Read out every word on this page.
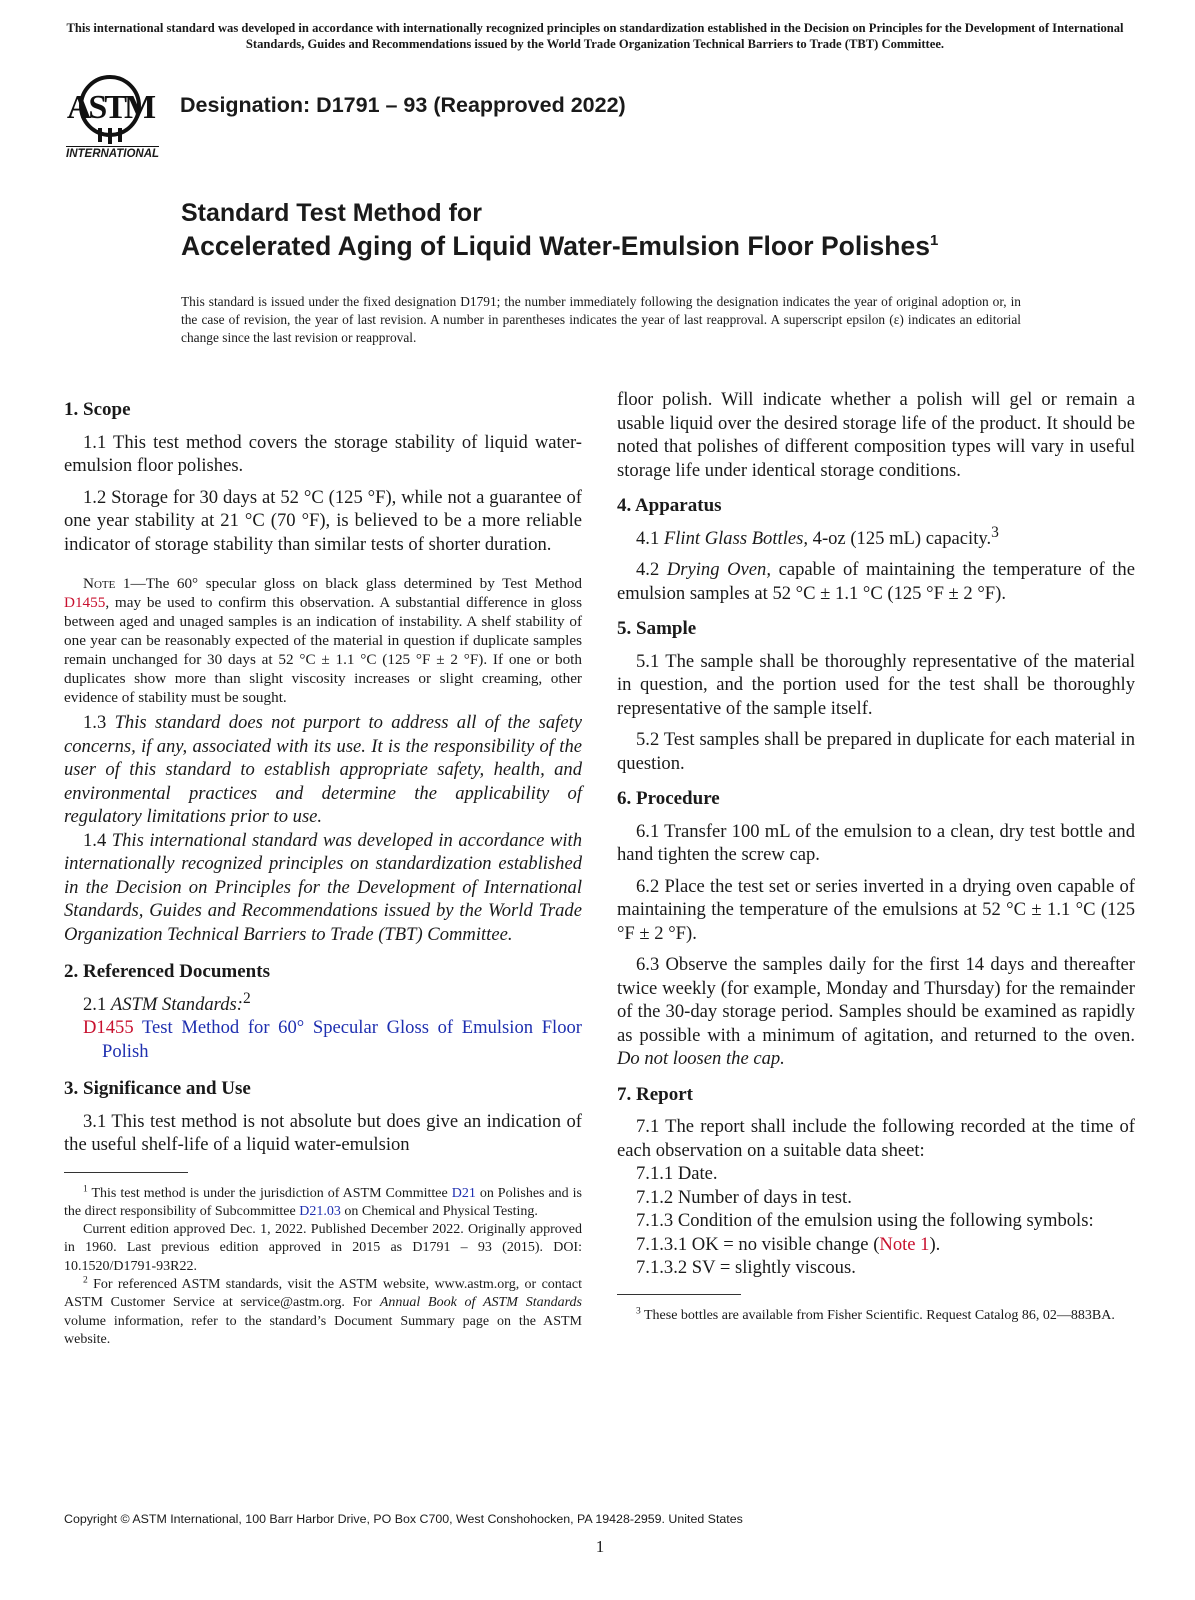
This international standard was developed in accordance with internationally recognized principles on standardization established in the Decision on Principles for the Development of International Standards, Guides and Recommendations issued by the World Trade Organization Technical Barriers to Trade (TBT) Committee.
ASTM
INTERNATIONAL
Designation: D1791 – 93 (Reapproved 2022)
Standard Test Method for
Accelerated Aging of Liquid Water-Emulsion Floor Polishes$^1$
This standard is issued under the fixed designation D1791; the number immediately following the designation indicates the year of original adoption or, in the case of revision, the year of last revision. A number in parentheses indicates the year of last reapproval. A superscript epsilon (ε) indicates an editorial change since the last revision or reapproval.

1. Scope

1.1 This test method covers the storage stability of liquid water-emulsion floor polishes.

1.2 Storage for 30 days at 52 °C (125 °F), while not a guarantee of one year stability at 21 °C (70 °F), is believed to be a more reliable indicator of storage stability than similar tests of shorter duration.

Note 1—The 60° specular gloss on black glass determined by Test Method D1455, may be used to confirm this observation. A substantial difference in gloss between aged and unaged samples is an indication of instability. A shelf stability of one year can be reasonably expected of the material in question if duplicate samples remain unchanged for 30 days at 52 °C ± 1.1 °C (125 °F ± 2 °F). If one or both duplicates show more than slight viscosity increases or slight creaming, other evidence of stability must be sought.

1.3 This standard does not purport to address all of the safety concerns, if any, associated with its use. It is the responsibility of the user of this standard to establish appropriate safety, health, and environmental practices and determine the applicability of regulatory limitations prior to use.

1.4 This international standard was developed in accordance with internationally recognized principles on standardization established in the Decision on Principles for the Development of International Standards, Guides and Recommendations issued by the World Trade Organization Technical Barriers to Trade (TBT) Committee.

2. Referenced Documents

2.1 ASTM Standards:$^2$

D1455 Test Method for 60° Specular Gloss of Emulsion Floor Polish

3. Significance and Use

3.1 This test method is not absolute but does give an indication of the useful shelf-life of a liquid water-emulsion

$^1$ This test method is under the jurisdiction of ASTM Committee D21 on Polishes and is the direct responsibility of Subcommittee D21.03 on Chemical and Physical Testing.

Current edition approved Dec. 1, 2022. Published December 2022. Originally approved in 1960. Last previous edition approved in 2015 as D1791 – 93 (2015). DOI: 10.1520/D1791-93R22.

$^2$ For referenced ASTM standards, visit the ASTM website, www.astm.org, or contact ASTM Customer Service at service@astm.org. For Annual Book of ASTM Standards volume information, refer to the standard’s Document Summary page on the ASTM website.

floor polish. Will indicate whether a polish will gel or remain a usable liquid over the desired storage life of the product. It should be noted that polishes of different composition types will vary in useful storage life under identical storage conditions.

4. Apparatus

4.1 Flint Glass Bottles, 4-oz (125 mL) capacity.$^3$

4.2 Drying Oven, capable of maintaining the temperature of the emulsion samples at 52 °C ± 1.1 °C (125 °F ± 2 °F).

5. Sample

5.1 The sample shall be thoroughly representative of the material in question, and the portion used for the test shall be thoroughly representative of the sample itself.

5.2 Test samples shall be prepared in duplicate for each material in question.

6. Procedure

6.1 Transfer 100 mL of the emulsion to a clean, dry test bottle and hand tighten the screw cap.

6.2 Place the test set or series inverted in a drying oven capable of maintaining the temperature of the emulsions at 52 °C ± 1.1 °C (125 °F ± 2 °F).

6.3 Observe the samples daily for the first 14 days and thereafter twice weekly (for example, Monday and Thursday) for the remainder of the 30-day storage period. Samples should be examined as rapidly as possible with a minimum of agitation, and returned to the oven. Do not loosen the cap.

7. Report

7.1 The report shall include the following recorded at the time of each observation on a suitable data sheet:

7.1.1 Date.

7.1.2 Number of days in test.

7.1.3 Condition of the emulsion using the following symbols:

7.1.3.1 OK = no visible change (Note 1).

7.1.3.2 SV = slightly viscous.

$^3$ These bottles are available from Fisher Scientific. Request Catalog 86, 02—883BA.

Copyright © ASTM International, 100 Barr Harbor Drive, PO Box C700, West Conshohocken, PA 19428-2959. United States
1
